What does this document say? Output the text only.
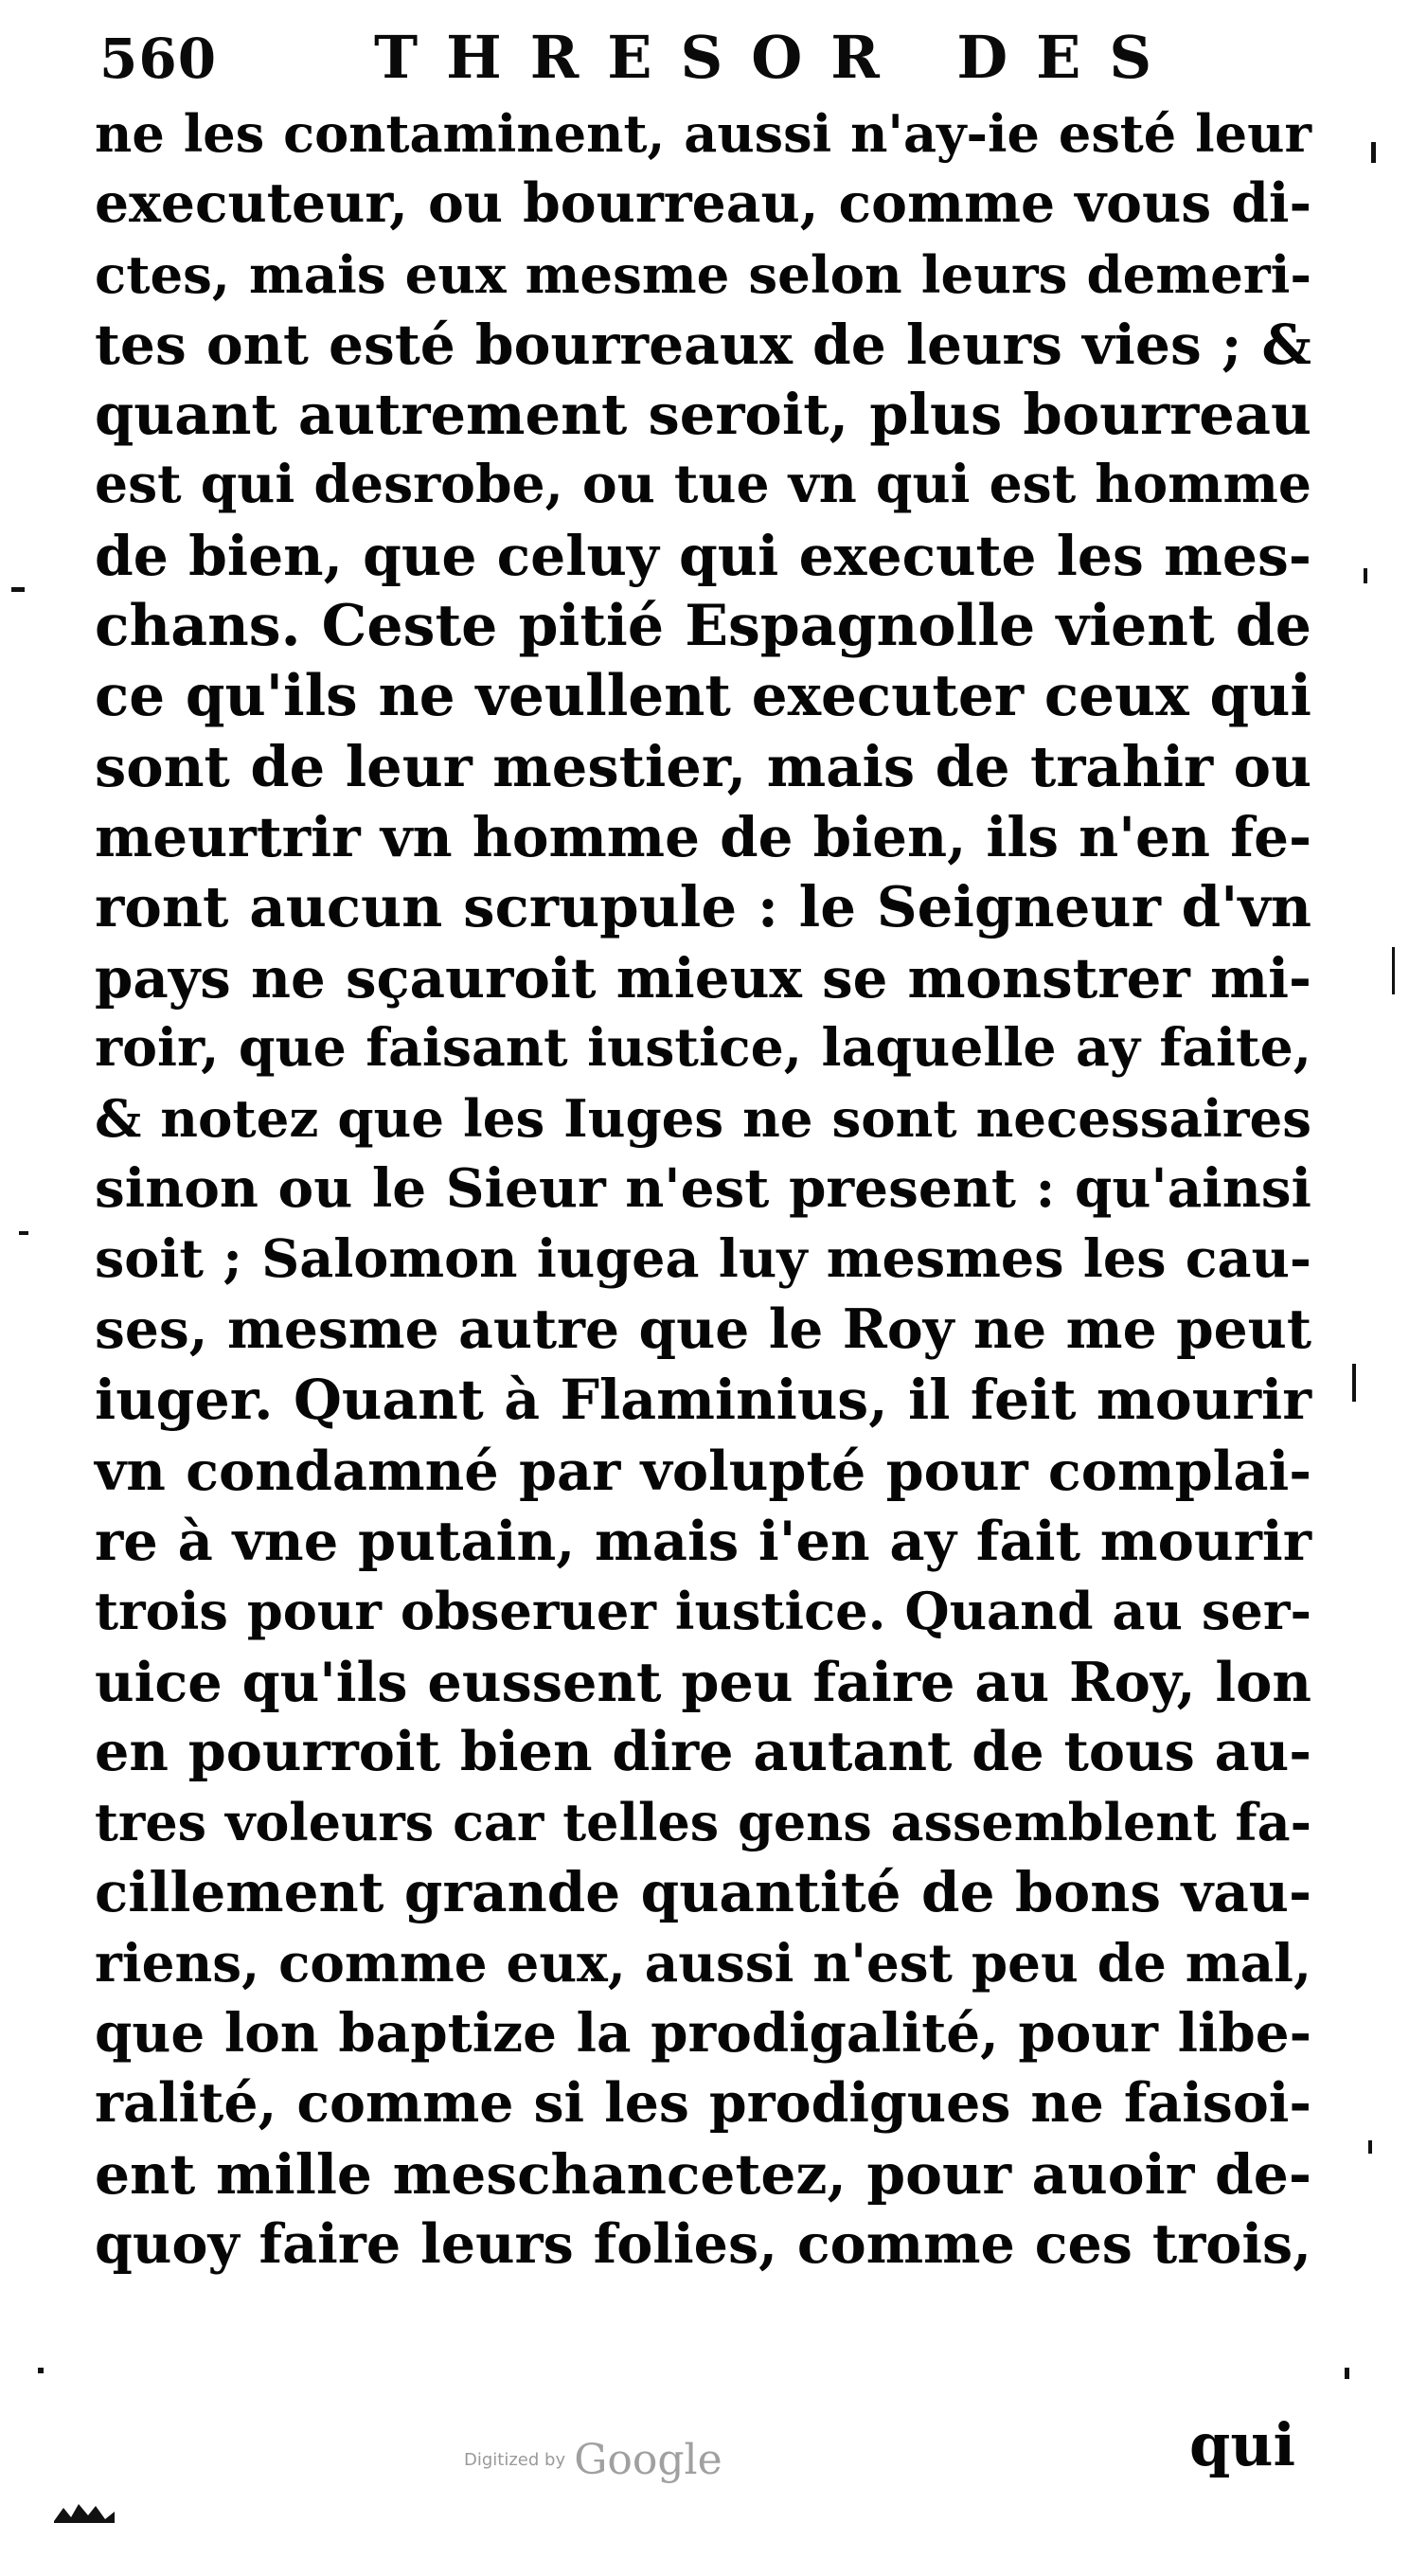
560	THRESOR DES
ne les contaminent, aussi n'ay-ie esté leur
executeur, ou bourreau, comme vous di-
ctes, mais eux mesme selon leurs demeri-
tes ont esté bourreaux de leurs vies ; &
quant autrement seroit, plus bourreau
est qui desrobe, ou tue vn qui est homme
de bien, que celuy qui execute les mes-
chans. Ceste pitié Espagnolle vient de
ce qu'ils ne veullent executer ceux qui
sont de leur mestier, mais de trahir ou
meurtrir vn homme de bien, ils n'en fe-
ront aucun scrupule : le Seigneur d'vn
pays ne sçauroit mieux se monstrer mi-
roir, que faisant iustice, laquelle ay faite,
& notez que les Iuges ne sont necessaires
sinon ou le Sieur n'est present : qu'ainsi
soit ; Salomon iugea luy mesmes les cau-
ses, mesme autre que le Roy ne me peut
iuger. Quant à Flaminius, il feit mourir
vn condamné par volupté pour complai-
re à vne putain, mais i'en ay fait mourir
trois pour obseruer iustice. Quand au ser-
uice qu'ils eussent peu faire au Roy, lon
en pourroit bien dire autant de tous au-
tres voleurs car telles gens assemblent fa-
cillement grande quantité de bons vau-
riens, comme eux, aussi n'est peu de mal,
que lon baptize la prodigalité, pour libe-
ralité, comme si les prodigues ne faisoi-
ent mille meschancetez, pour auoir de-
quoy faire leurs folies, comme ces trois,
qui
Digitized by Google
